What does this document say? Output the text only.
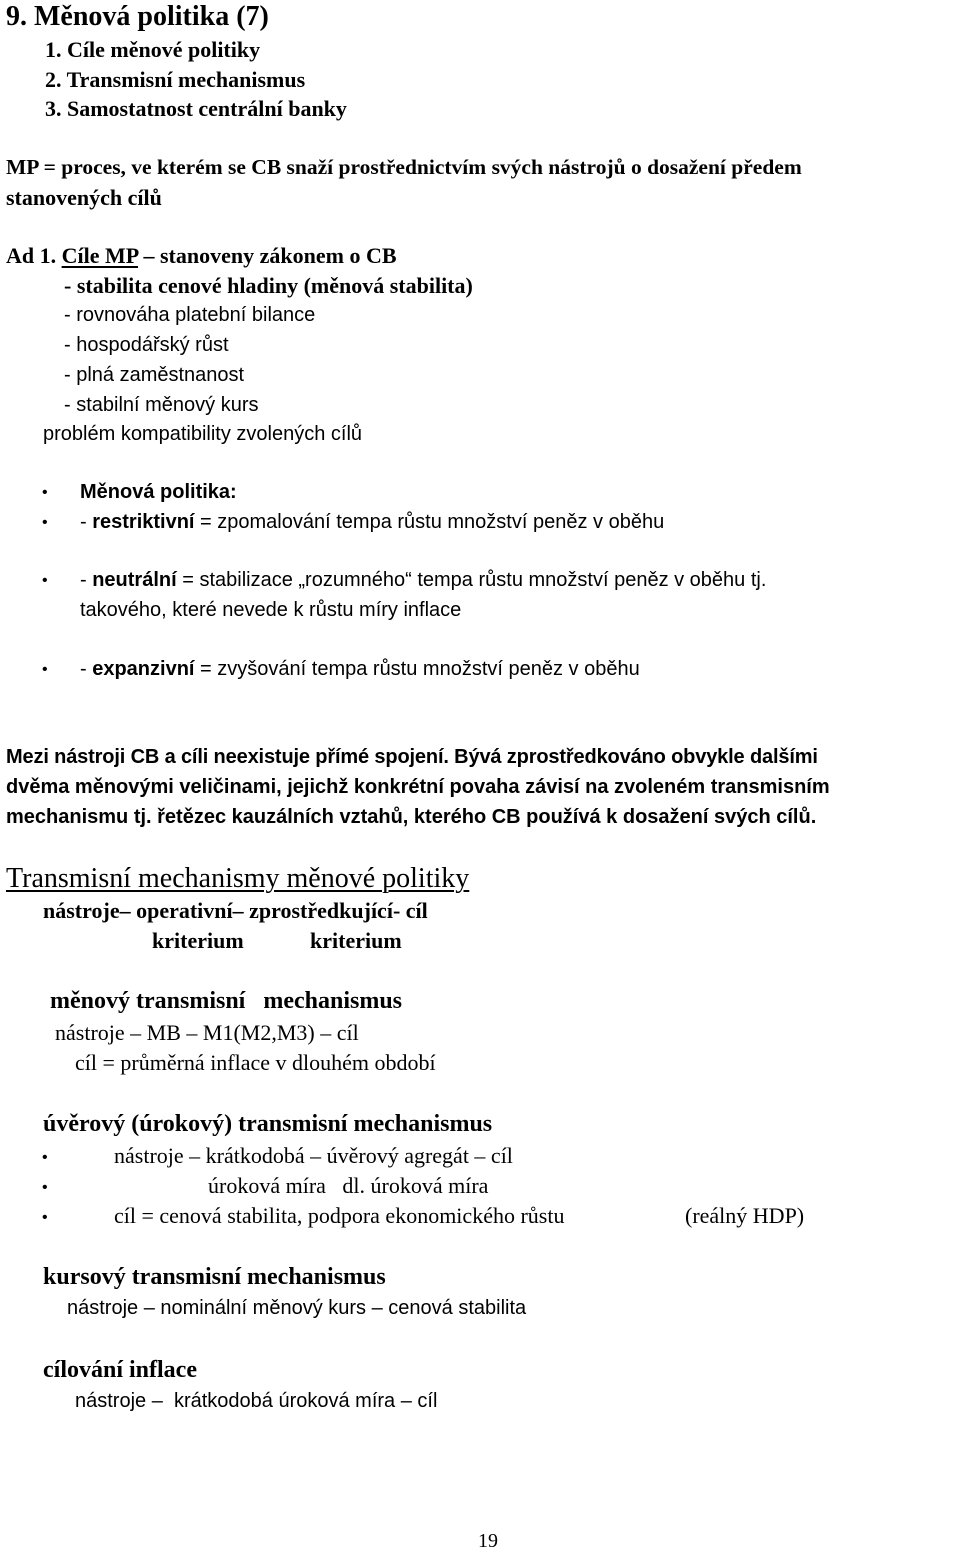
9. Měnová politika (7)
1. Cíle měnové politiky
2. Transmisní mechanismus
3. Samostatnost centrální banky
MP = proces, ve kterém se CB snaží prostřednictvím svých nástrojů o dosažení předem
stanovených cílů
Ad 1. Cíle MP – stanoveny zákonem o CB
- stabilita cenové hladiny (měnová stabilita)
- rovnováha platební bilance
- hospodářský růst
- plná zaměstnanost
- stabilní měnový kurs
problém kompatibility zvolených cílů
• Měnová politika:
• - restriktivní = zpomalování tempa růstu množství peněz v oběhu
• - neutrální = stabilizace „rozumného“ tempa růstu množství peněz v oběhu tj.
takového, které nevede k růstu míry inflace
• - expanzivní = zvyšování tempa růstu množství peněz v oběhu
Mezi nástroji CB a cíli neexistuje přímé spojení. Bývá zprostředkováno obvykle dalšími
dvěma měnovými veličinami, jejichž konkrétní povaha závisí na zvoleném transmisním
mechanismu tj. řetězec kauzálních vztahů, kterého CB používá k dosažení svých cílů.
Transmisní mechanismy měnové politiky
nástroje– operativní– zprostředkující- cíl
kriterium	kriterium
měnový transmisní   mechanismus
nástroje – MB – M1(M2,M3) – cíl
cíl = průměrná inflace v dlouhém období
úvěrový (úrokový) transmisní mechanismus
•	nástroje – krátkodobá – úvěrový agregát – cíl
•	úroková míra   dl. úroková míra
•	cíl = cenová stabilita, podpora ekonomického růstu	(reálný HDP)
kursový transmisní mechanismus
nástroje – nominální měnový kurs – cenová stabilita
cílování inflace
nástroje –  krátkodobá úroková míra – cíl
19
